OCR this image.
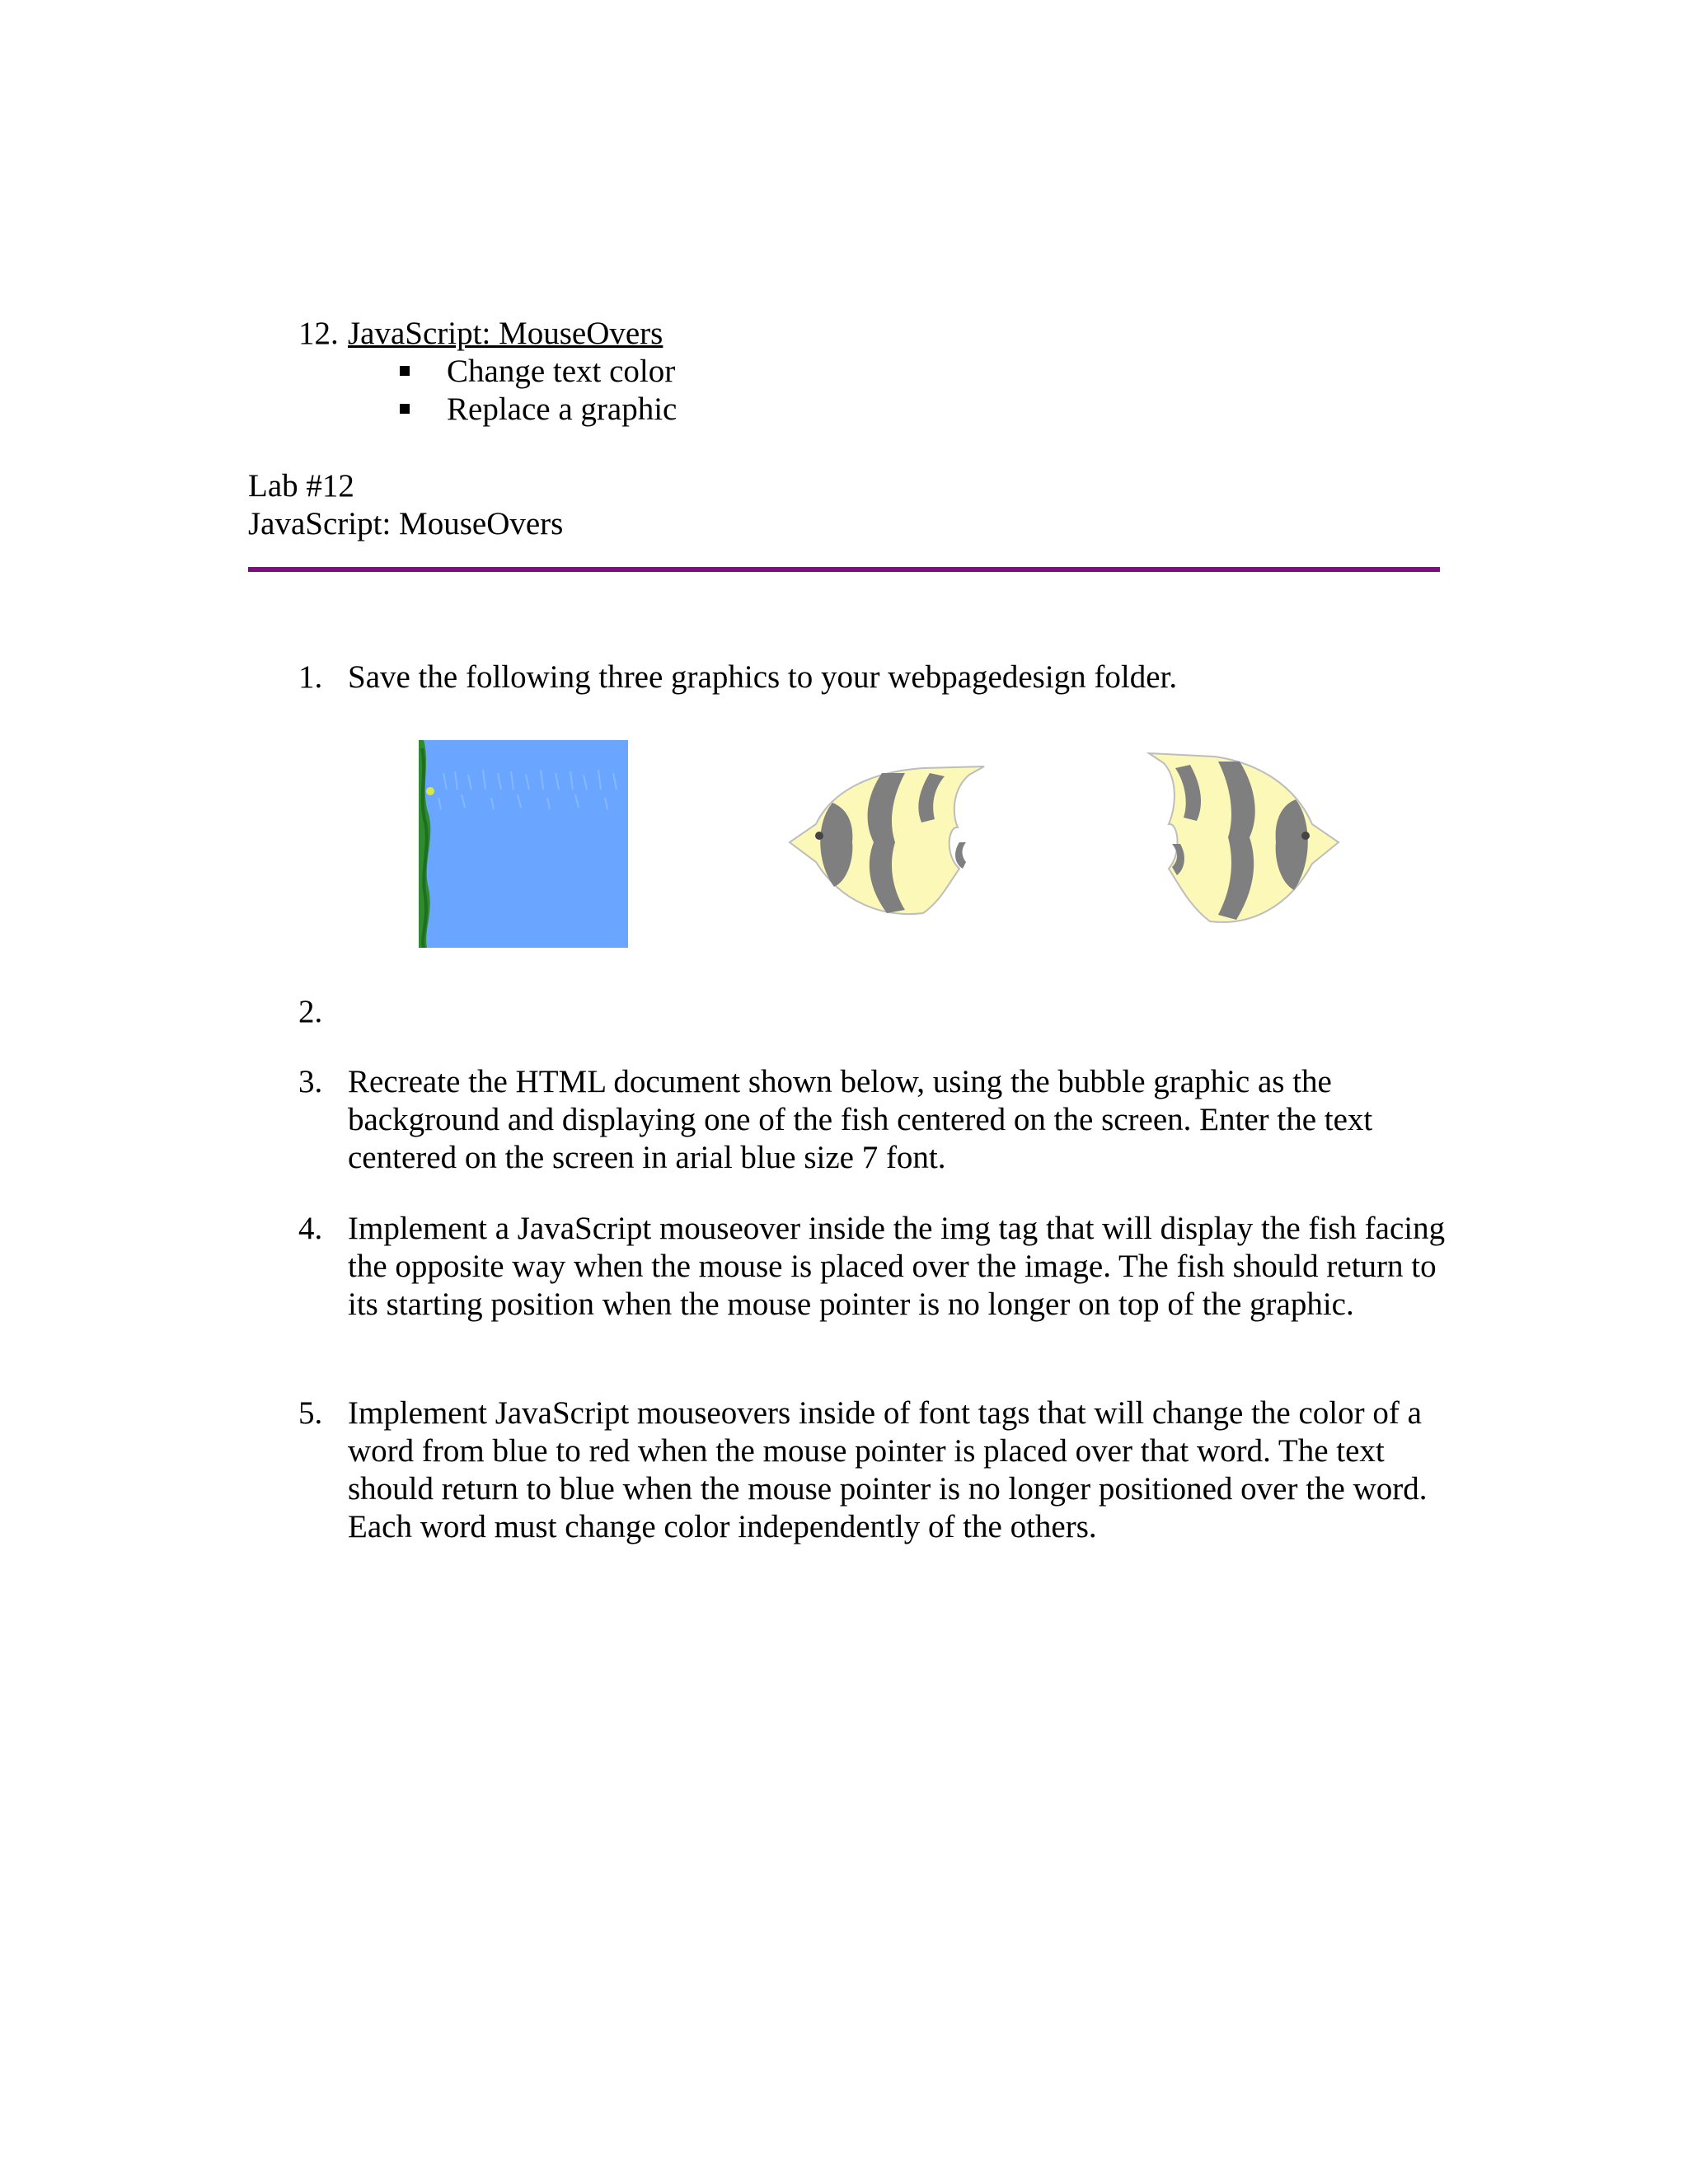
12. JavaScript: MouseOvers
Change text color
Replace a graphic
Lab #12
JavaScript: MouseOvers
1. Save the following three graphics to your webpagedesign folder.
2.
3. Recreate the HTML document shown below, using the bubble graphic as the background and displaying one of the fish centered on the screen. Enter the text centered on the screen in arial blue size 7 font.
4. Implement a JavaScript mouseover inside the img tag that will display the fish facing the opposite way when the mouse is placed over the image. The fish should return to its starting position when the mouse pointer is no longer on top of the graphic.
5. Implement JavaScript mouseovers inside of font tags that will change the color of a word from blue to red when the mouse pointer is placed over that word. The text should return to blue when the mouse pointer is no longer positioned over the word. Each word must change color independently of the others.
